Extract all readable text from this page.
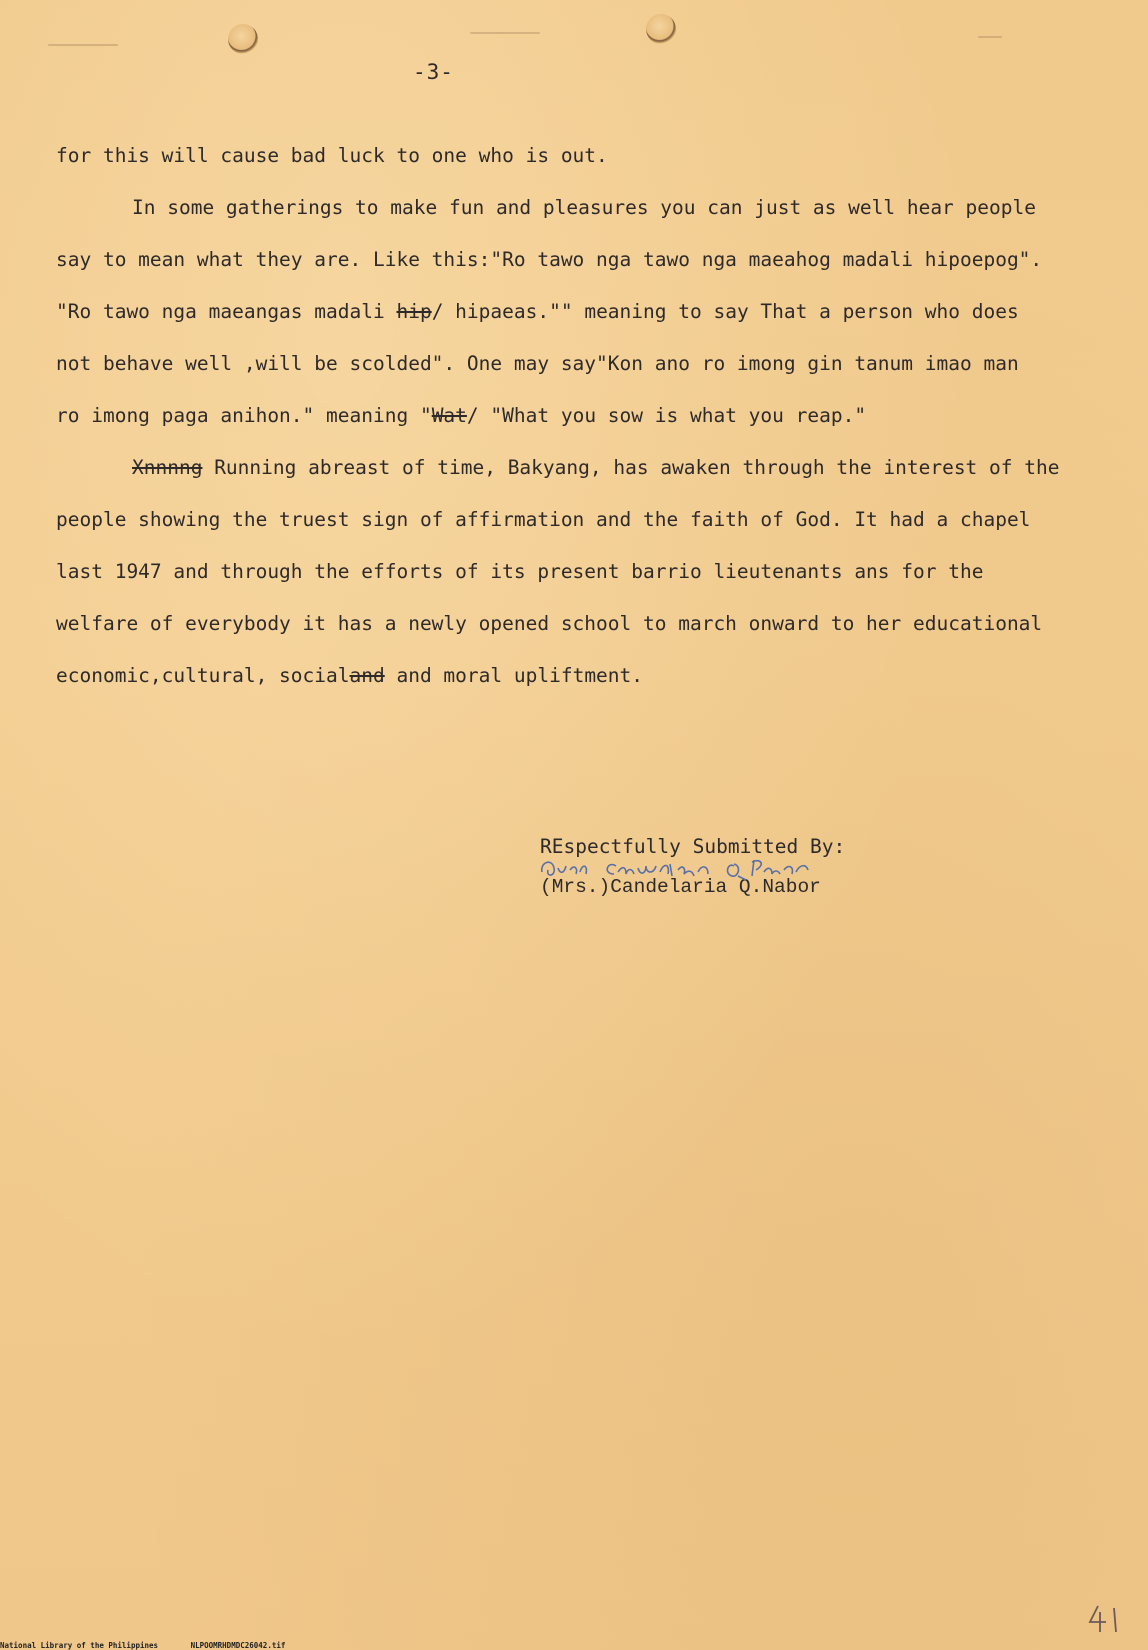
-3-

for this will cause bad luck to one who is out.

In some gatherings to make fun and pleasures you can just as well hear people

say to mean what they are. Like this:"Ro tawo nga tawo nga maeahog madali hipoepog".

"Ro tawo nga maeangas madali hip/ hipaeas."" meaning to say That a person who does

not behave well ,will be scolded". One may say"Kon ano ro imong gin tanum imao man

ro imong paga anihon." meaning "Wat/ "What you sow is what you reap."

Xnnnng Running abreast of time, Bakyang, has awaken through the interest of the

people showing the truest sign of affirmation and the faith of God. It had a chapel

last 1947 and through the efforts of its present barrio lieutenants ans for the

welfare of everybody it has a newly opened school to march onward to her educational

economic,cultural, socialand and moral upliftment.

REspectfully Submitted By:
(Mrs.)Candelaria Q.Nabor
National Library of the Philippines	NLPOOMRHDMDC26042.tif
